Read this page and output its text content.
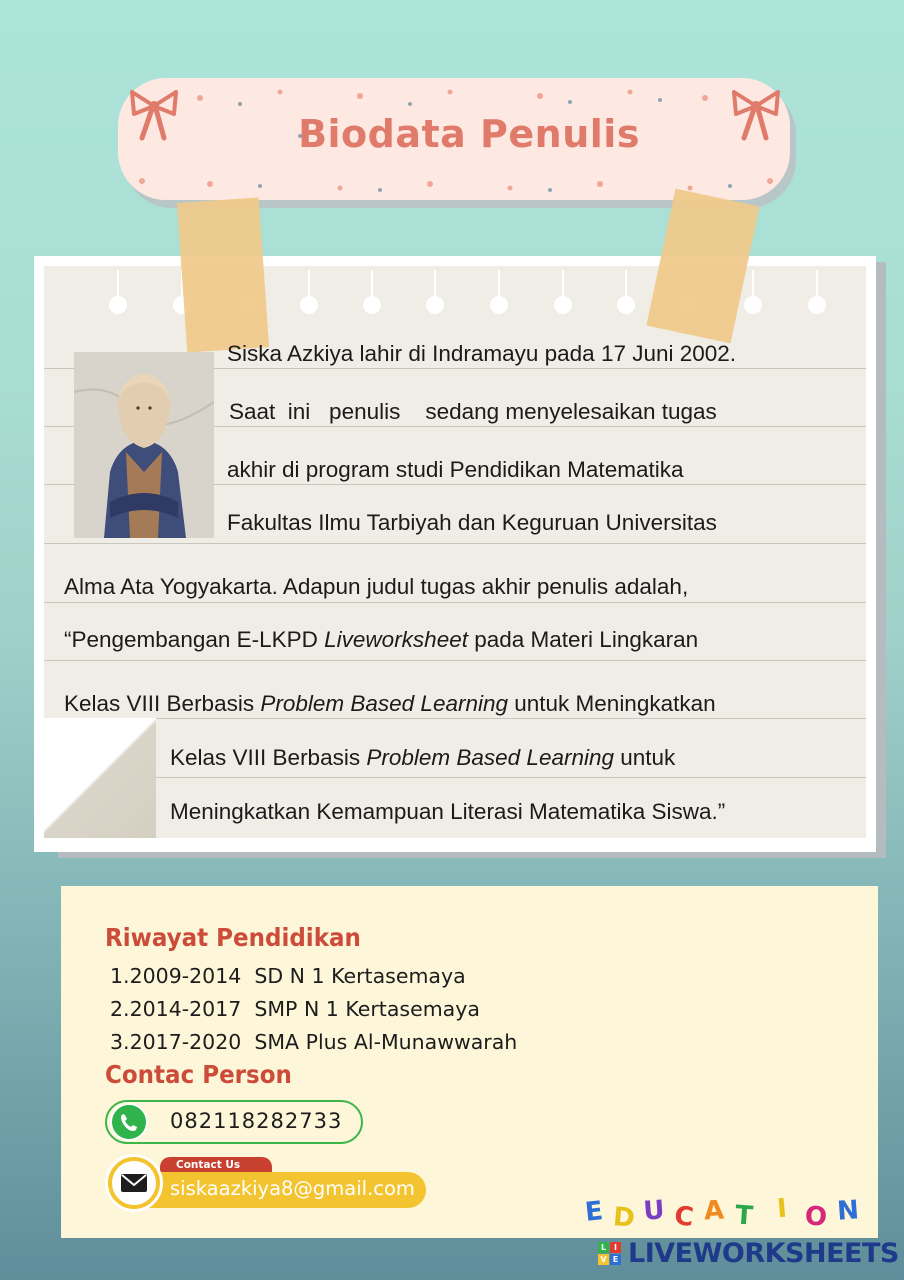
Biodata Penulis
Siska Azkiya lahir di Indramayu pada 17 Juni 2002.
Saat  ini   penulis    sedang menyelesaikan tugas
akhir di program studi Pendidikan Matematika
Fakultas Ilmu Tarbiyah dan Keguruan Universitas
Alma Ata Yogyakarta. Adapun judul tugas akhir penulis adalah,
“Pengembangan E-LKPD Liveworksheet pada Materi Lingkaran
Kelas VIII Berbasis Problem Based Learning untuk Meningkatkan
Kelas VIII Berbasis Problem Based Learning untuk
Meningkatkan Kemampuan Literasi Matematika Siswa.”
Riwayat Pendidikan
1.2009-2014 SD N 1 Kertasemaya
2.2014-2017 SMP N 1 Kertasemaya
3.2017-2020 SMA Plus Al-Munawwarah
Contac Person
082118282733
Contact Us
siskaazkiya8@gmail.com
E D U C A T I O N
L I
V E LIVEWORKSHEETS
